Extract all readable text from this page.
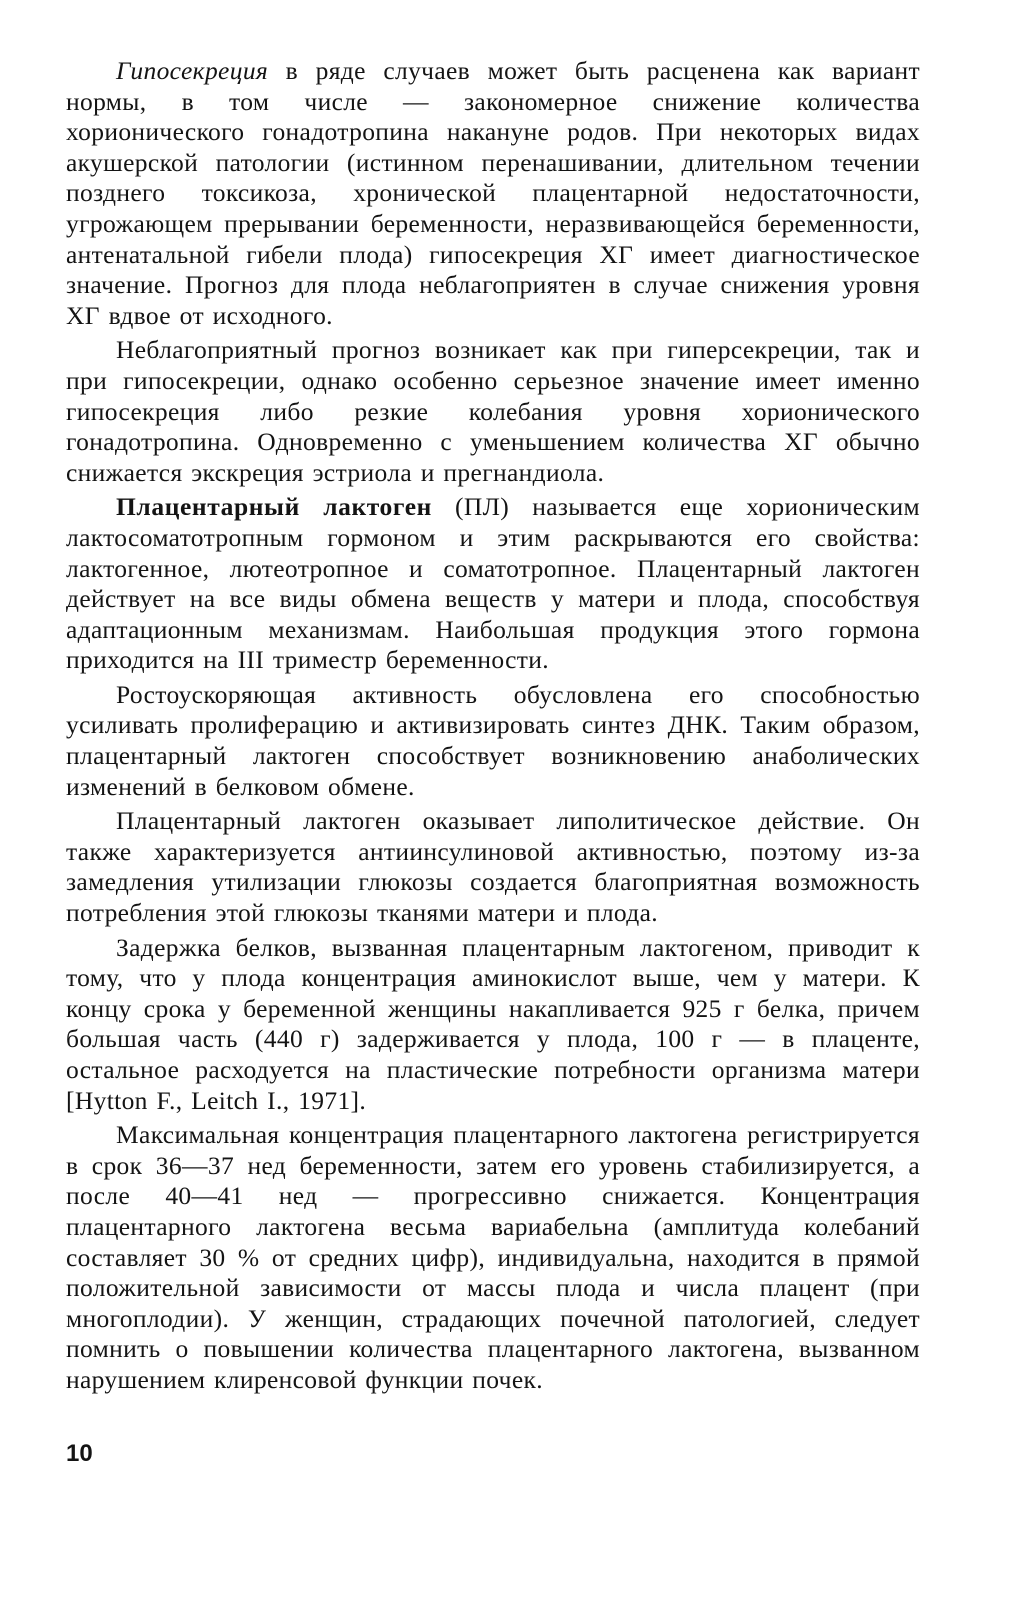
Гипосекреция в ряде случаев может быть расценена как вариант нормы, в том числе — закономерное снижение количества хорионического гонадотропина накануне родов. При некоторых видах акушерской патологии (истинном перенашивании, длительном течении позднего токсикоза, хронической плацентарной недостаточности, угрожающем прерывании беременности, неразвивающейся беременности, антенатальной гибели плода) гипосекреция ХГ имеет диагностическое значение. Прогноз для плода неблагоприятен в случае снижения уровня ХГ вдвое от исходного.

Неблагоприятный прогноз возникает как при гиперсекреции, так и при гипосекреции, однако особенно серьезное значение имеет именно гипосекреция либо резкие колебания уровня хорионического гонадотропина. Одновременно с уменьшением количества ХГ обычно снижается экскреция эстриола и прегнандиола.

Плацентарный лактоген (ПЛ) называется еще хорионическим лактосоматотропным гормоном и этим раскрываются его свойства: лактогенное, лютеотропное и соматотропное. Плацентарный лактоген действует на все виды обмена веществ у матери и плода, способствуя адаптационным механизмам. Наибольшая продукция этого гормона приходится на III триместр беременности.

Ростоускоряющая активность обусловлена его способностью усиливать пролиферацию и активизировать синтез ДНК. Таким образом, плацентарный лактоген способствует возникновению анаболических изменений в белковом обмене.

Плацентарный лактоген оказывает липолитическое действие. Он также характеризуется антиинсулиновой активностью, поэтому из-за замедления утилизации глюкозы создается благоприятная возможность потребления этой глюкозы тканями матери и плода.

Задержка белков, вызванная плацентарным лактогеном, приводит к тому, что у плода концентрация аминокислот выше, чем у матери. К концу срока у беременной женщины накапливается 925 г белка, причем большая часть (440 г) задерживается у плода, 100 г — в плаценте, остальное расходуется на пластические потребности организма матери [Hytton F., Leitch I., 1971].

Максимальная концентрация плацентарного лактогена регистрируется в срок 36—37 нед беременности, затем его уровень стабилизируется, а после 40—41 нед — прогрессивно снижается. Концентрация плацентарного лактогена весьма вариабельна (амплитуда колебаний составляет 30 % от средних цифр), индивидуальна, находится в прямой положительной зависимости от массы плода и числа плацент (при многоплодии). У женщин, страдающих почечной патологией, следует помнить о повышении количества плацентарного лактогена, вызванном нарушением клиренсовой функции почек.

10
